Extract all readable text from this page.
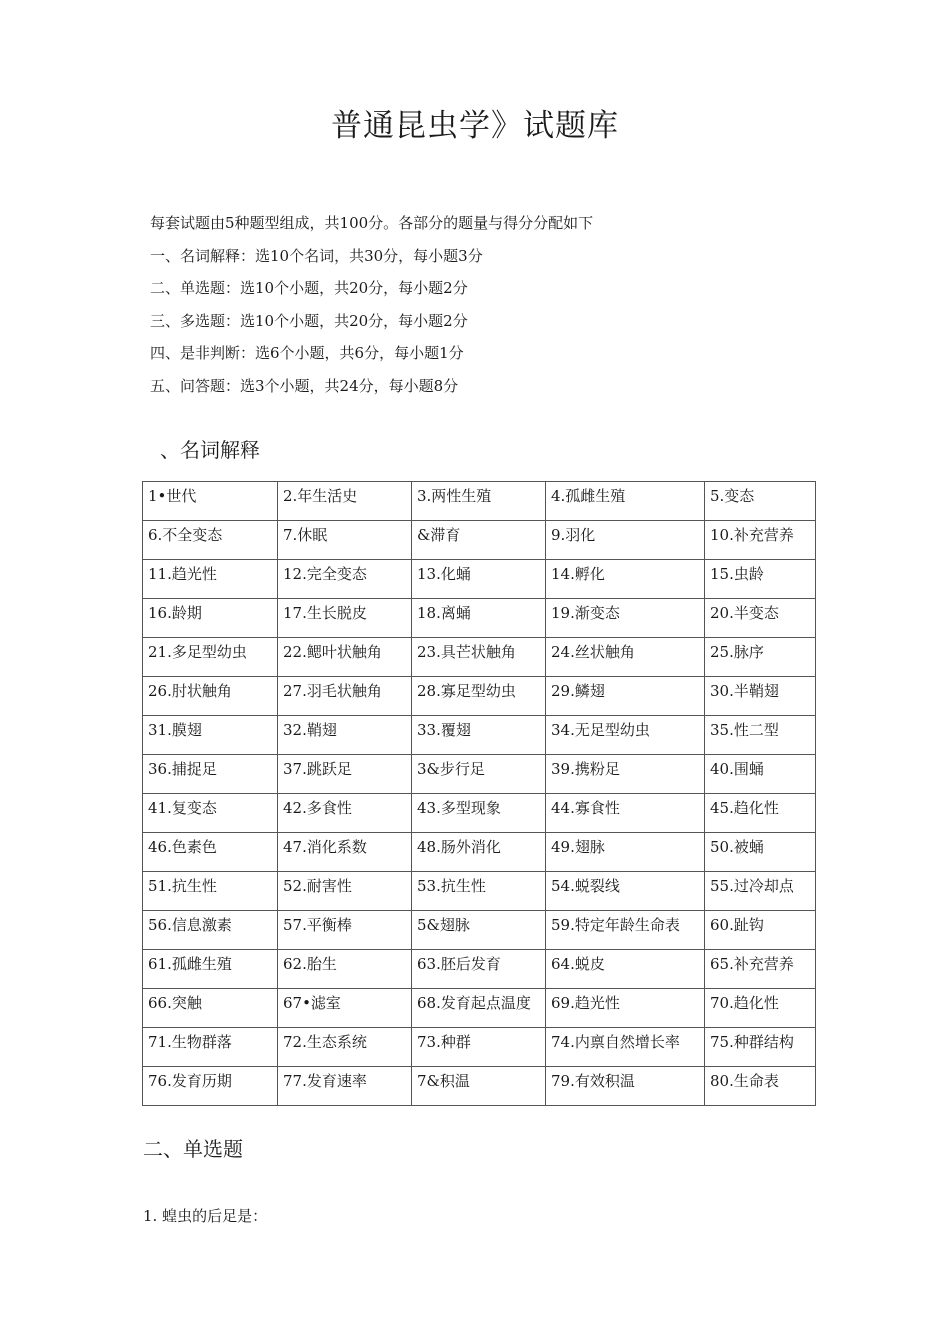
普通昆虫学》试题库
每套试题由5种题型组成，共100分。各部分的题量与得分分配如下
一、名词解释：选10个名词，共30分，每小题3分
二、单选题：选10个小题，共20分，每小题2分
三、多选题：选10个小题，共20分，每小题2分
四、是非判断：选6个小题，共6分，每小题1分
五、问答题：选3个小题，共24分，每小题8分
、名词解释
1•世代	2.年生活史	3.两性生殖	4.孤雌生殖	5.变态
6.不全变态	7.休眠	&滞育	9.羽化	10.补充营养
11.趋光性	12.完全变态	13.化蛹	14.孵化	15.虫龄
16.龄期	17.生长脱皮	18.离蛹	19.渐变态	20.半变态
21.多足型幼虫	22.鳃叶状触角	23.具芒状触角	24.丝状触角	25.脉序
26.肘状触角	27.羽毛状触角	28.寡足型幼虫	29.鳞翅	30.半鞘翅
31.膜翅	32.鞘翅	33.覆翅	34.无足型幼虫	35.性二型
36.捕捉足	37.跳跃足	3&步行足	39.携粉足	40.围蛹
41.复变态	42.多食性	43.多型现象	44.寡食性	45.趋化性
46.色素色	47.消化系数	48.肠外消化	49.翅脉	50.被蛹
51.抗生性	52.耐害性	53.抗生性	54.蜕裂线	55.过冷却点
56.信息激素	57.平衡棒	5&翅脉	59.特定年龄生命表	60.趾钩
61.孤雌生殖	62.胎生	63.胚后发育	64.蜕皮	65.补充营养
66.突触	67•滤室	68.发育起点温度	69.趋光性	70.趋化性
71.生物群落	72.生态系统	73.种群	74.内禀自然增长率	75.种群结构
76.发育历期	77.发育速率	7&积温	79.有效积温	80.生命表
二、单选题
1. 蝗虫的后足是：
